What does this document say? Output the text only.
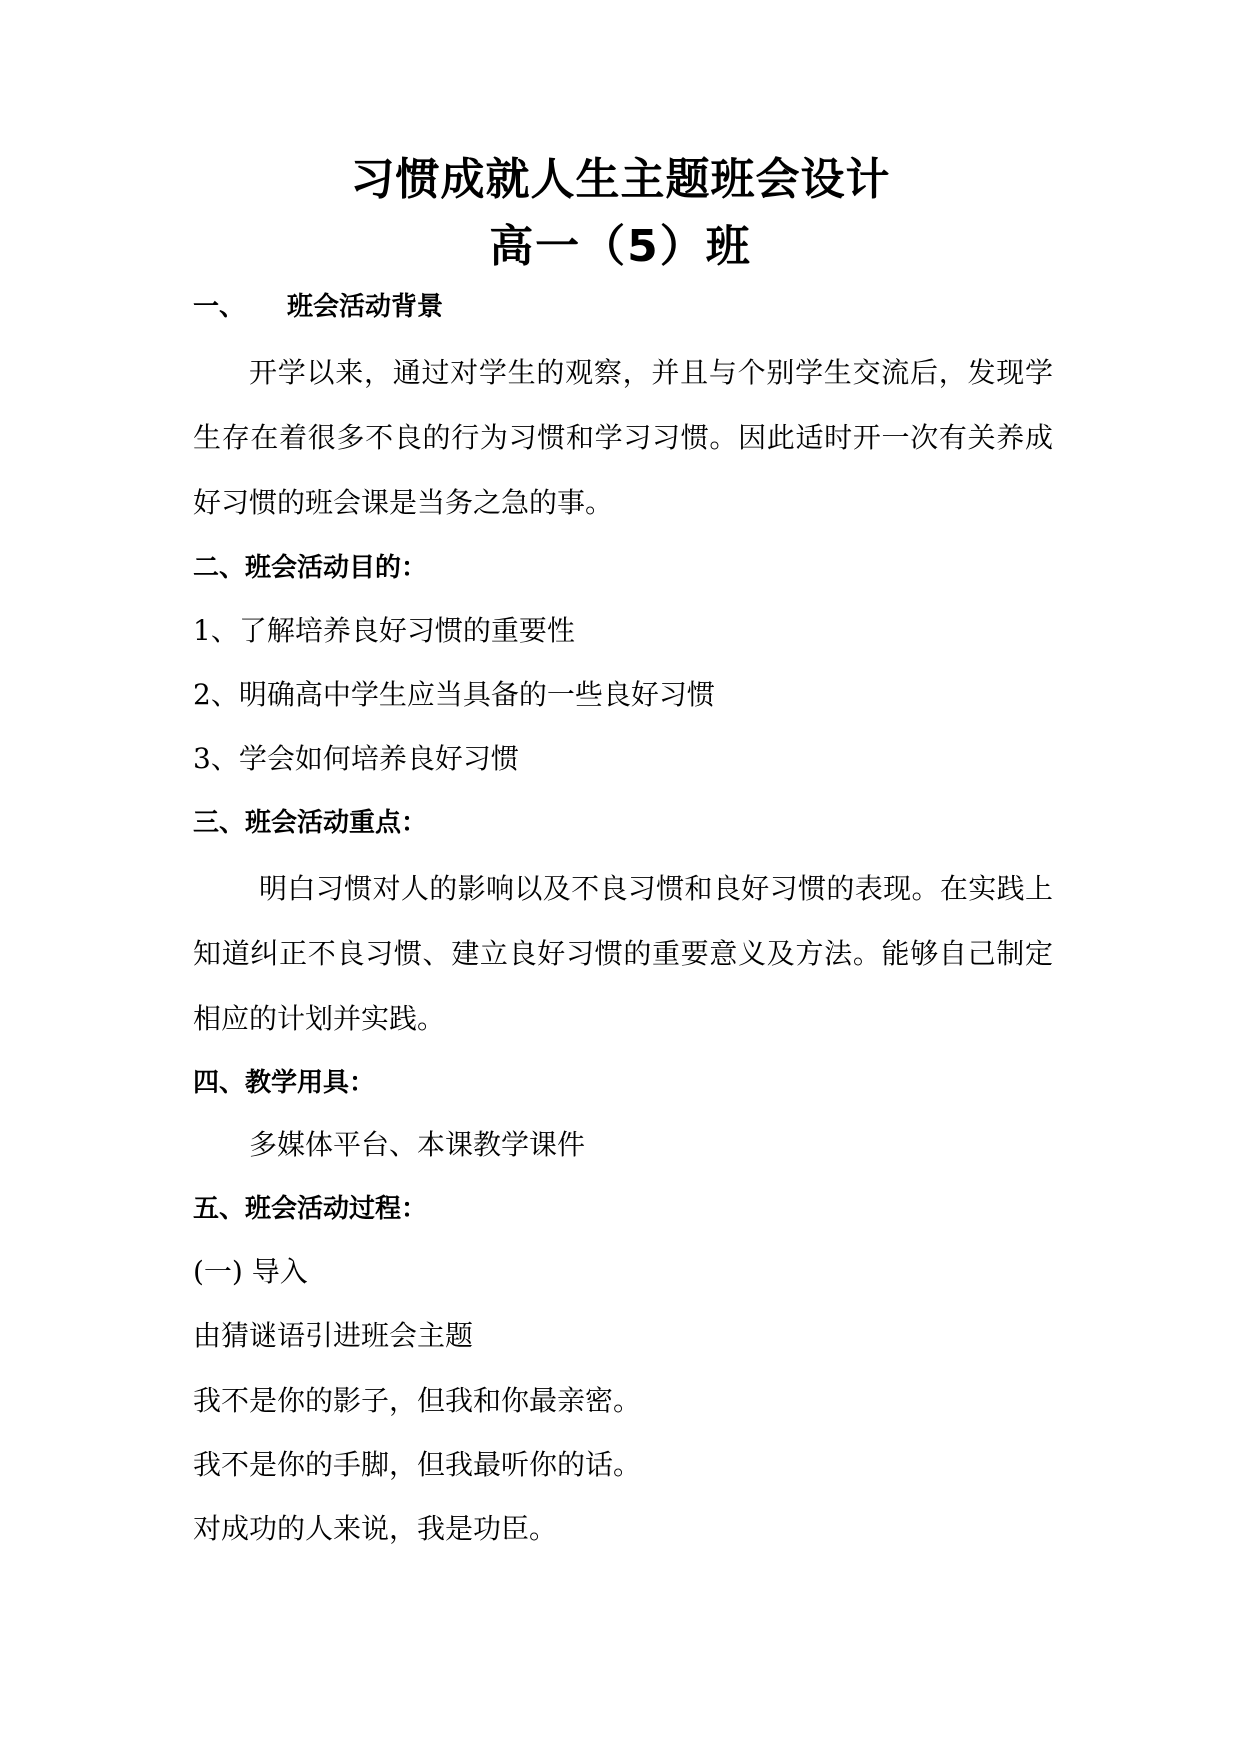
习惯成就人生主题班会设计
高一（5）班
一、 班会活动背景

开学以来，通过对学生的观察，并且与个别学生交流后，发现学生存在着很多不良的行为习惯和学习习惯。因此适时开一次有关养成好习惯的班会课是当务之急的事。

二、班会活动目的：
1、了解培养良好习惯的重要性
2、明确高中学生应当具备的一些良好习惯
3、学会如何培养良好习惯
三、班会活动重点：

明白习惯对人的影响以及不良习惯和良好习惯的表现。在实践上知道纠正不良习惯、建立良好习惯的重要意义及方法。能够自己制定相应的计划并实践。

四、教学用具：
多媒体平台、本课教学课件
五、班会活动过程：
(一) 导入
由猜谜语引进班会主题
我不是你的影子，但我和你最亲密。
我不是你的手脚，但我最听你的话。
对成功的人来说，我是功臣。
